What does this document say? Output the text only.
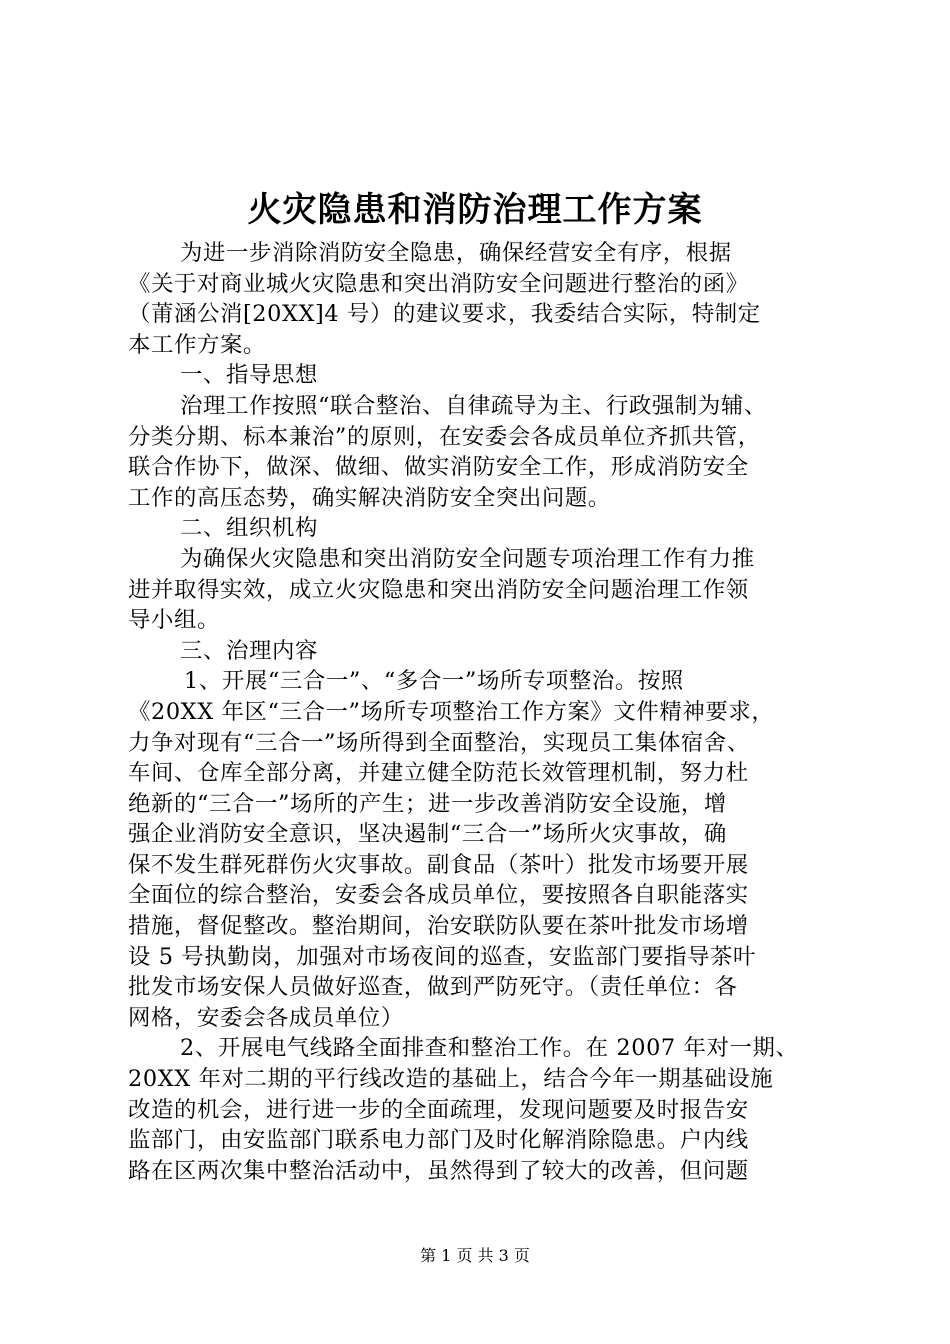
火灾隐患和消防治理工作方案
为进一步消除消防安全隐患，确保经营安全有序，根据
《关于对商业城火灾隐患和突出消防安全问题进行整治的函》
（莆涵公消[20XX]4 号）的建议要求，我委结合实际，特制定
本工作方案。
一、指导思想
治理工作按照“联合整治、自律疏导为主、行政强制为辅、
分类分期、标本兼治”的原则，在安委会各成员单位齐抓共管，
联合作协下，做深、做细、做实消防安全工作，形成消防安全
工作的高压态势，确实解决消防安全突出问题。
二、组织机构
为确保火灾隐患和突出消防安全问题专项治理工作有力推
进并取得实效，成立火灾隐患和突出消防安全问题治理工作领
导小组。
三、治理内容
1、开展“三合一”、“多合一”场所专项整治。按照
《20XX 年区“三合一”场所专项整治工作方案》文件精神要求，
力争对现有“三合一”场所得到全面整治，实现员工集体宿舍、
车间、仓库全部分离，并建立健全防范长效管理机制，努力杜
绝新的“三合一”场所的产生；进一步改善消防安全设施，增
强企业消防安全意识，坚决遏制“三合一”场所火灾事故，确
保不发生群死群伤火灾事故。副食品（茶叶）批发市场要开展
全面位的综合整治，安委会各成员单位，要按照各自职能落实
措施，督促整改。整治期间，治安联防队要在茶叶批发市场增
设 5 号执勤岗，加强对市场夜间的巡查，安监部门要指导茶叶
批发市场安保人员做好巡查，做到严防死守。（责任单位：各
网格，安委会各成员单位）
2、开展电气线路全面排查和整治工作。在 2007 年对一期、
20XX 年对二期的平行线改造的基础上，结合今年一期基础设施
改造的机会，进行进一步的全面疏理，发现问题要及时报告安
监部门，由安监部门联系电力部门及时化解消除隐患。户内线
路在区两次集中整治活动中，虽然得到了较大的改善，但问题
第 1 页 共 3 页
